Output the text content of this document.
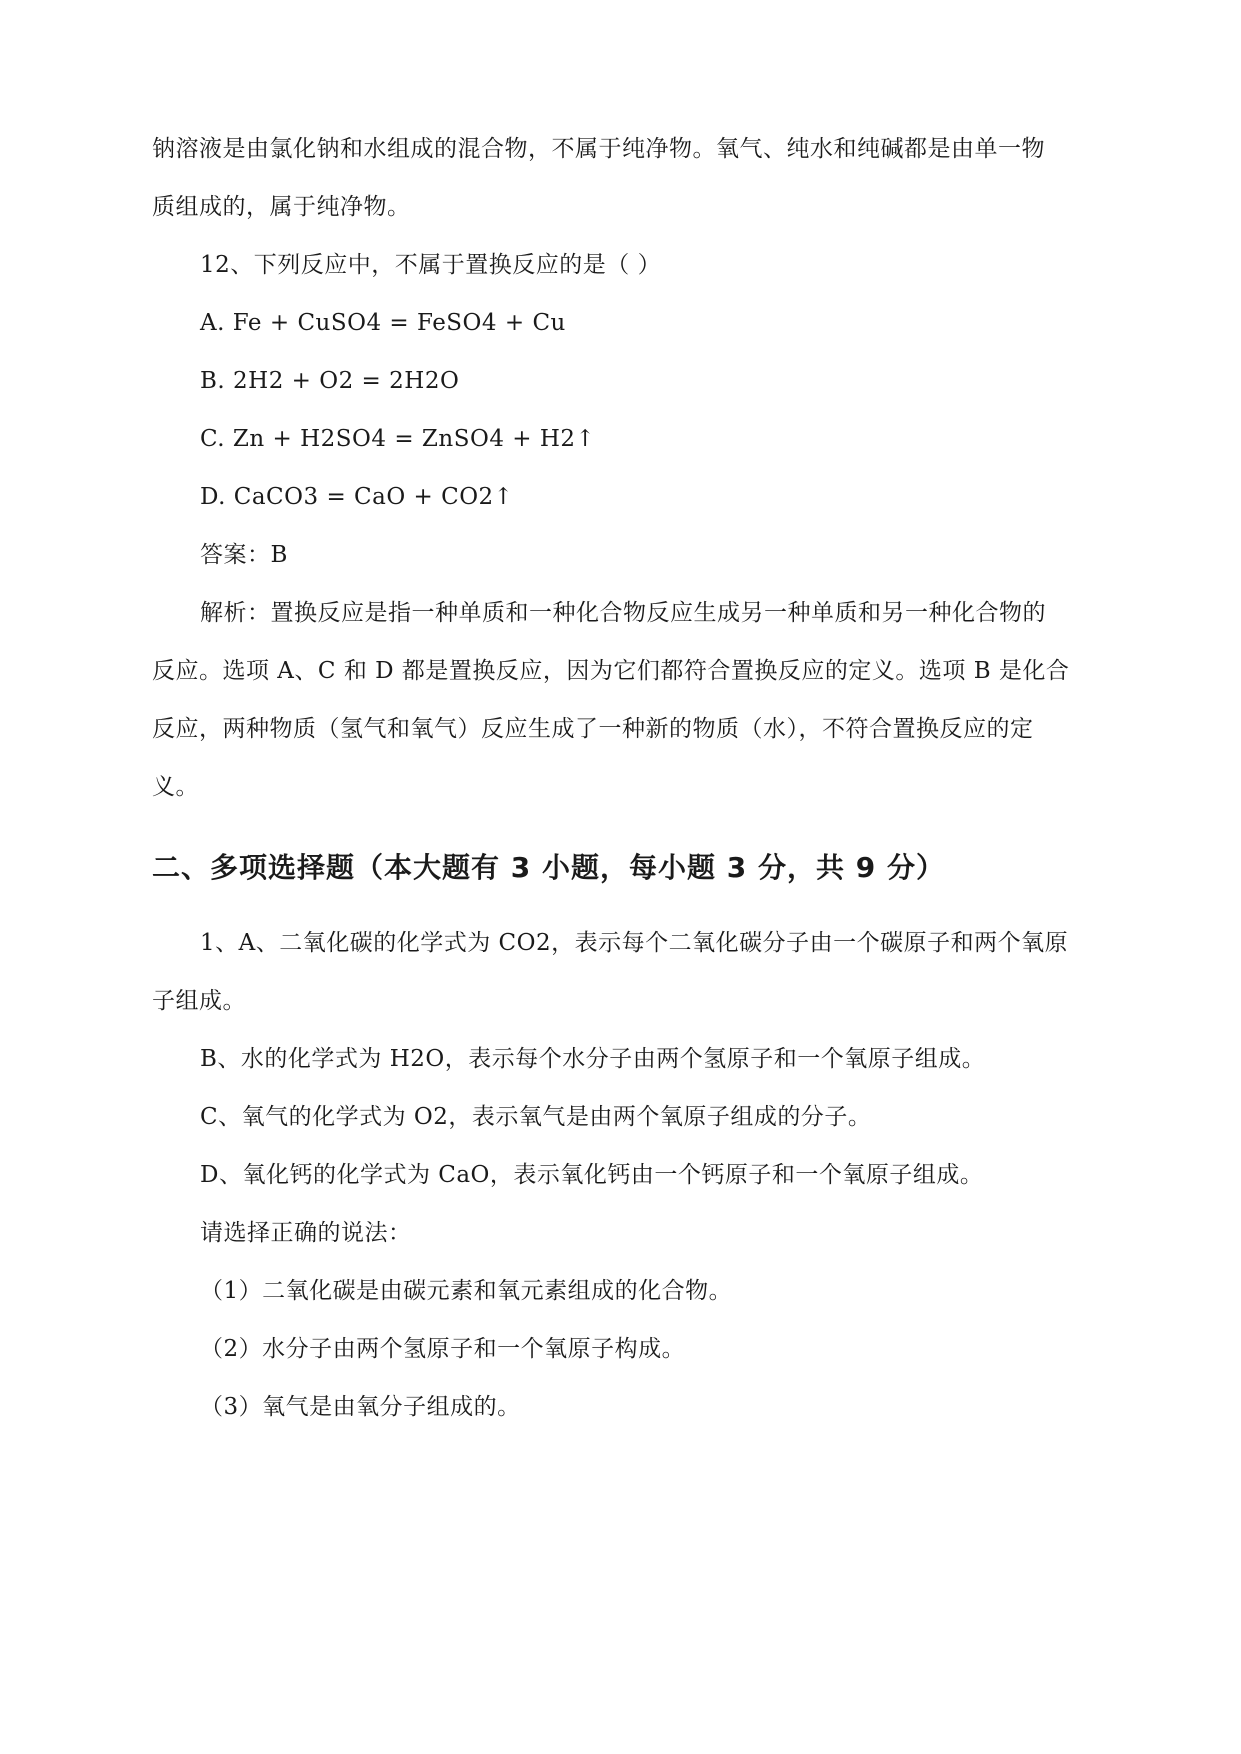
钠溶液是由氯化钠和水组成的混合物，不属于纯净物。氧气、纯水和纯碱都是由单一物

质组成的，属于纯净物。

12、下列反应中，不属于置换反应的是（ ）

A. Fe + CuSO4 = FeSO4 + Cu

B. 2H2 + O2 = 2H2O

C. Zn + H2SO4 = ZnSO4 + H2↑

D. CaCO3 = CaO + CO2↑

答案：B

解析：置换反应是指一种单质和一种化合物反应生成另一种单质和另一种化合物的

反应。选项 A、C 和 D 都是置换反应，因为它们都符合置换反应的定义。选项 B 是化合

反应，两种物质（氢气和氧气）反应生成了一种新的物质（水），不符合置换反应的定

义。

二、多项选择题（本大题有 3 小题，每小题 3 分，共 9 分）

1、A、二氧化碳的化学式为 CO2，表示每个二氧化碳分子由一个碳原子和两个氧原

子组成。

B、水的化学式为 H2O，表示每个水分子由两个氢原子和一个氧原子组成。

C、氧气的化学式为 O2，表示氧气是由两个氧原子组成的分子。

D、氧化钙的化学式为 CaO，表示氧化钙由一个钙原子和一个氧原子组成。

请选择正确的说法：

（1）二氧化碳是由碳元素和氧元素组成的化合物。

（2）水分子由两个氢原子和一个氧原子构成。

（3）氧气是由氧分子组成的。
